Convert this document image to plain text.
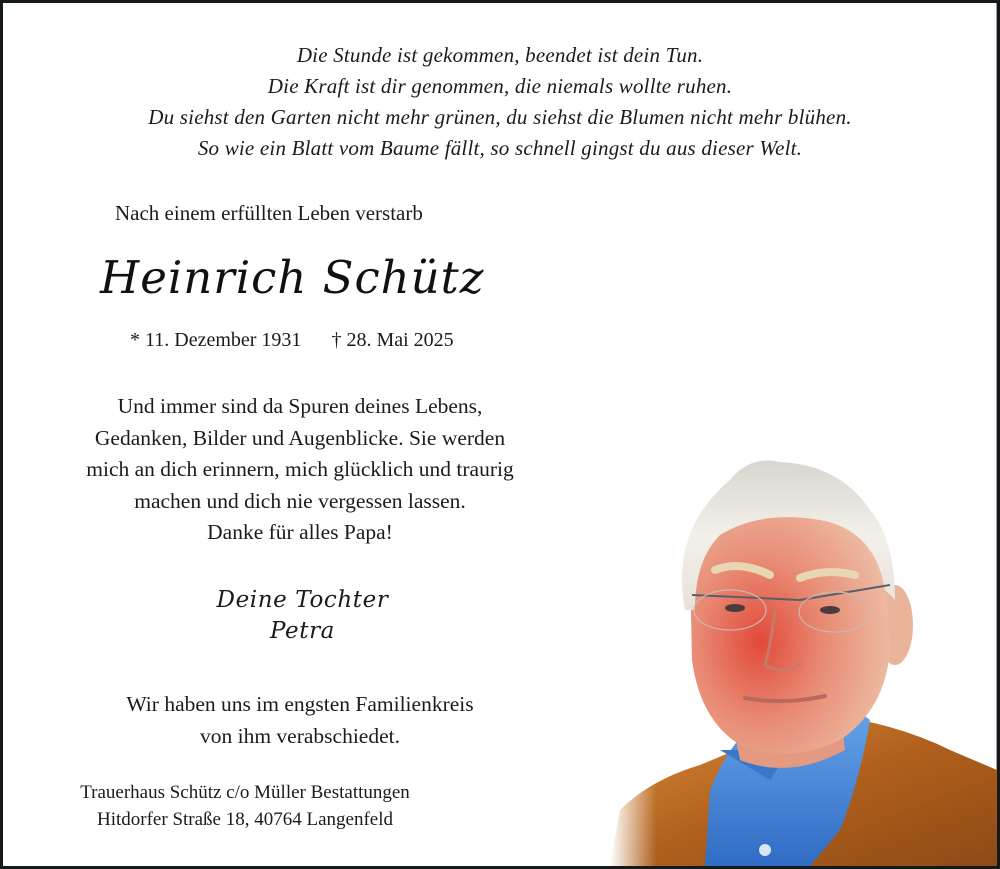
Die Stunde ist gekommen, beendet ist dein Tun.
Die Kraft ist dir genommen, die niemals wollte ruhen.
Du siehst den Garten nicht mehr grünen, du siehst die Blumen nicht mehr blühen.
So wie ein Blatt vom Baume fällt, so schnell gingst du aus dieser Welt.
Nach einem erfüllten Leben verstarb
Heinrich Schütz
* 11. Dezember 1931 † 28. Mai 2025
Und immer sind da Spuren deines Lebens,
Gedanken, Bilder und Augenblicke. Sie werden
mich an dich erinnern, mich glücklich und traurig
machen und dich nie vergessen lassen.
Danke für alles Papa!
Deine Tochter
Petra
Wir haben uns im engsten Familienkreis
von ihm verabschiedet.
Trauerhaus Schütz c/o Müller Bestattungen
Hitdorfer Straße 18, 40764 Langenfeld
